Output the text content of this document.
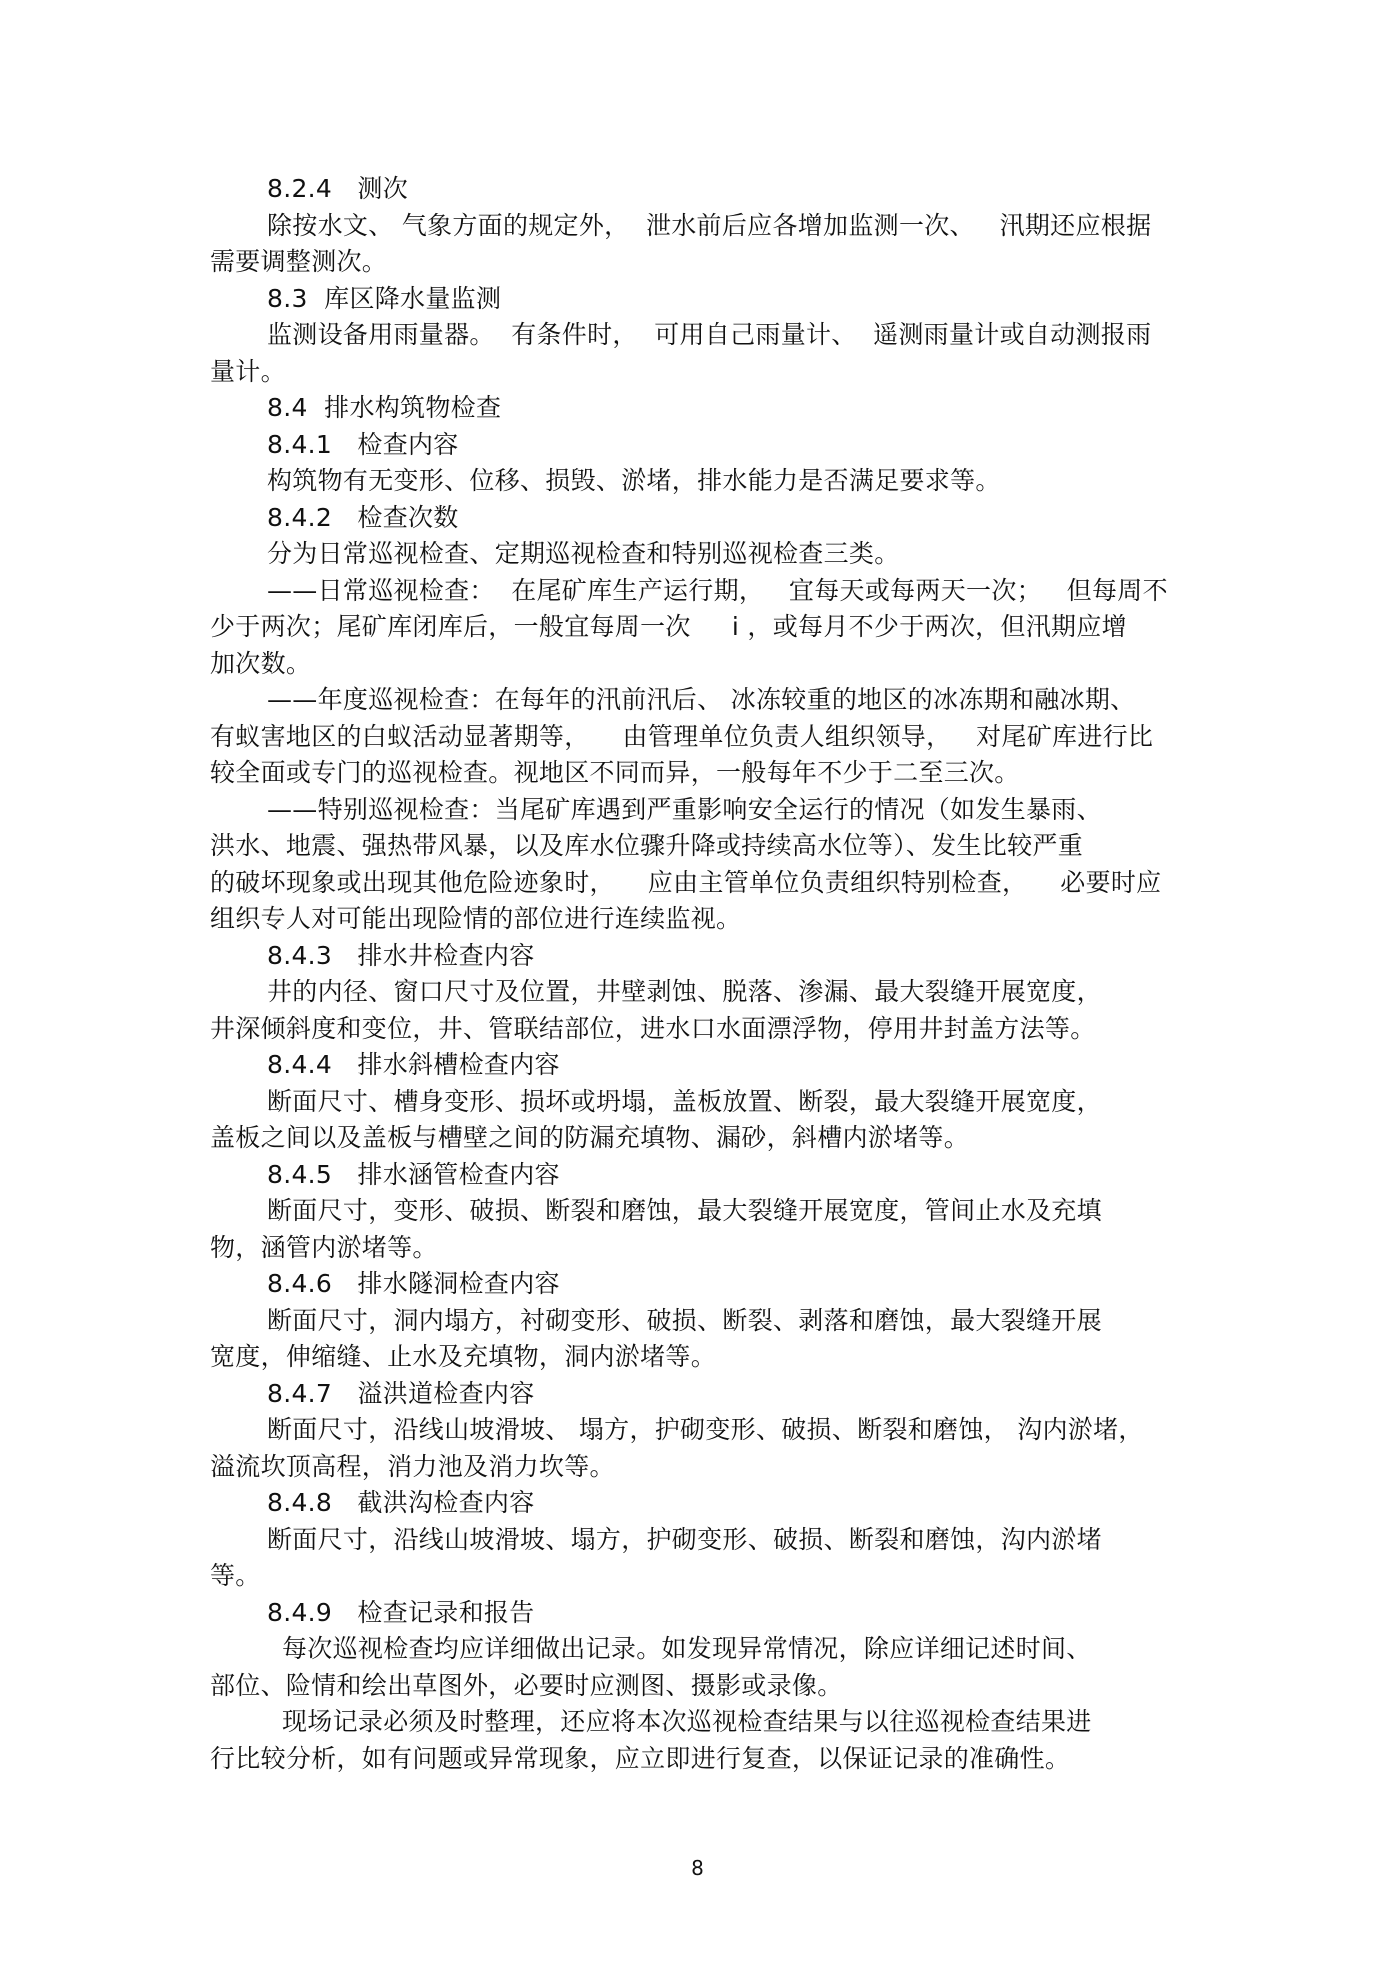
8.2.4　测次
除按水文、 气象方面的规定外，  泄水前后应各增加监测一次、   汛期还应根据
需要调整测次。
8.3  库区降水量监测
监测设备用雨量器。  有条件时，  可用自己雨量计、  遥测雨量计或自动测报雨
量计。
8.4  排水构筑物检查
8.4.1　检查内容
构筑物有无变形、位移、损毁、淤堵，排水能力是否满足要求等。
8.4.2　检查次数
分为日常巡视检查、定期巡视检查和特别巡视检查三类。
——日常巡视检查：  在尾矿库生产运行期，   宜每天或每两天一次；   但每周不
少于两次；尾矿库闭库后，一般宜每周一次     i ，或每月不少于两次，但汛期应增
加次数。
——年度巡视检查：在每年的汛前汛后、 冰冻较重的地区的冰冻期和融冰期、
有蚁害地区的白蚁活动显著期等，    由管理单位负责人组织领导，   对尾矿库进行比
较全面或专门的巡视检查。视地区不同而异，一般每年不少于二至三次。
——特别巡视检查：当尾矿库遇到严重影响安全运行的情况（如发生暴雨、
洪水、地震、强热带风暴，以及库水位骤升降或持续高水位等）、发生比较严重
的破坏现象或出现其他危险迹象时，    应由主管单位负责组织特别检查，    必要时应
组织专人对可能出现险情的部位进行连续监视。
8.4.3　排水井检查内容
井的内径、窗口尺寸及位置，井壁剥蚀、脱落、渗漏、最大裂缝开展宽度，
井深倾斜度和变位，井、管联结部位，进水口水面漂浮物，停用井封盖方法等。
8.4.4　排水斜槽检查内容
断面尺寸、槽身变形、损坏或坍塌，盖板放置、断裂，最大裂缝开展宽度，
盖板之间以及盖板与槽壁之间的防漏充填物、漏砂，斜槽内淤堵等。
8.4.5　排水涵管检查内容
断面尺寸，变形、破损、断裂和磨蚀，最大裂缝开展宽度，管间止水及充填
物，涵管内淤堵等。
8.4.6　排水隧洞检查内容
断面尺寸，洞内塌方，衬砌变形、破损、断裂、剥落和磨蚀，最大裂缝开展
宽度，伸缩缝、止水及充填物，洞内淤堵等。
8.4.7　溢洪道检查内容
断面尺寸，沿线山坡滑坡、 塌方，护砌变形、破损、断裂和磨蚀， 沟内淤堵，
溢流坎顶高程，消力池及消力坎等。
8.4.8　截洪沟检查内容
断面尺寸，沿线山坡滑坡、塌方，护砌变形、破损、断裂和磨蚀，沟内淤堵
等。
8.4.9　检查记录和报告
每次巡视检查均应详细做出记录。如发现异常情况，除应详细记述时间、
部位、险情和绘出草图外，必要时应测图、摄影或录像。
现场记录必须及时整理，还应将本次巡视检查结果与以往巡视检查结果进
行比较分析，如有问题或异常现象，应立即进行复查，以保证记录的准确性。
8
